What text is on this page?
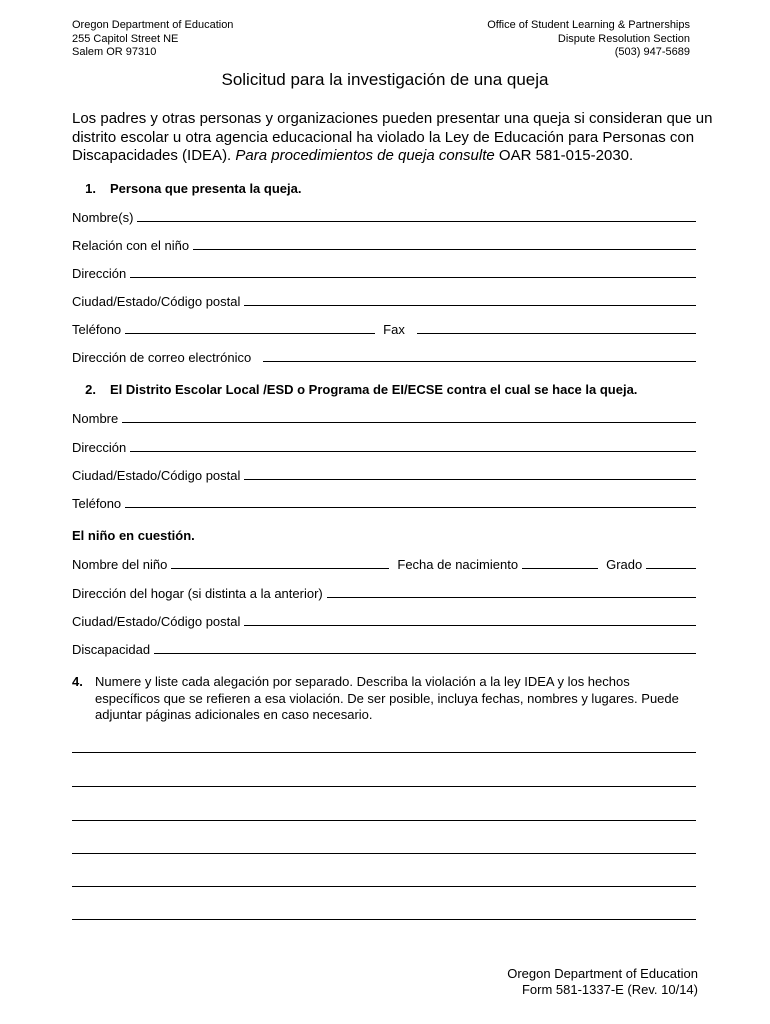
Oregon Department of Education
255 Capitol Street NE
Salem OR 97310
Office of Student Learning & Partnerships
Dispute Resolution Section
(503) 947-5689
Solicitud para la investigación de una queja
Los padres y otras personas y organizaciones pueden presentar una queja si consideran que un distrito escolar u otra agencia educacional ha violado la Ley de Educación para Personas con Discapacidades (IDEA). Para procedimientos de queja consulte OAR 581-015-2030.
1. Persona que presenta la queja.
Nombre(s)
Relación con el niño
Dirección
Ciudad/Estado/Código postal
Teléfono	Fax
Dirección de correo electrónico
2. El Distrito Escolar Local /ESD o Programa de EI/ECSE contra el cual se hace la queja.
Nombre
Dirección
Ciudad/Estado/Código postal
Teléfono
El niño en cuestión.
Nombre del niño	Fecha de nacimiento	Grado
Dirección del hogar (si distinta a la anterior)
Ciudad/Estado/Código postal
Discapacidad
4. Numere y liste cada alegación por separado. Describa la violación a la ley IDEA y los hechos específicos que se refieren a esa violación. De ser posible, incluya fechas, nombres y lugares. Puede adjuntar páginas adicionales en caso necesario.
Oregon Department of Education
Form 581-1337-E (Rev. 10/14)
